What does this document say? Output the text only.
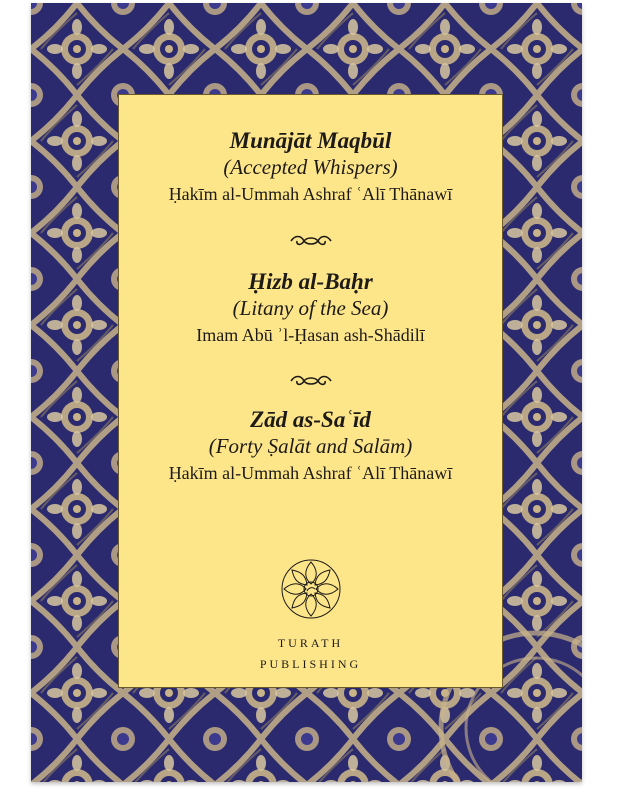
Munājāt Maqbūl
(Accepted Whispers)
Ḥakīm al-Ummah Ashraf ʿAlī Thānawī
Ḥizb al-Baḥr
(Litany of the Sea)
Imam Abū ʾl-Ḥasan ash-Shādilī
Zād as-Saʿīd
(Forty Ṣalāt and Salām)
Ḥakīm al-Ummah Ashraf ʿAlī Thānawī
TURATH
PUBLISHING
